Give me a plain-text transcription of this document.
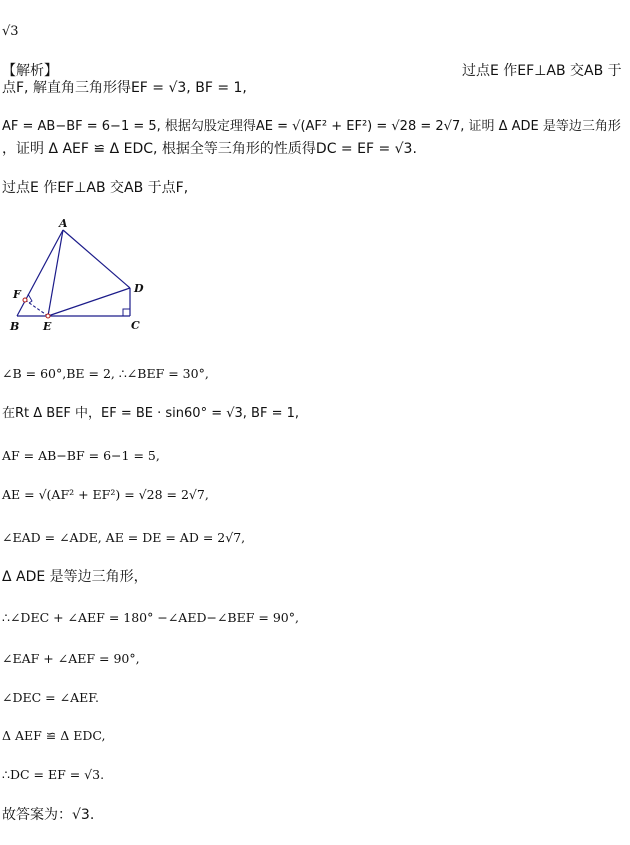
√3
【解析】	过点E 作EF⊥AB 交AB 于
点F, 解直角三角形得EF = √3, BF = 1,
AF = AB−BF = 6−1 = 5, 根据勾股定理得AE = √(AF² + EF²) = √28 = 2√7, 证明 Δ ADE 是等边三角形
，证明 Δ AEF ≌ Δ EDC, 根据全等三角形的性质得DC = EF = √3.
过点E 作EF⊥AB 交AB 于点F,
A
B	C
D
E
F
∠B = 60°,BE = 2, ∴∠BEF = 30°,
在Rt Δ BEF 中，EF = BE · sin60° = √3, BF = 1,
AF = AB−BF = 6−1 = 5,
AE = √(AF² + EF²) = √28 = 2√7,
∠EAD = ∠ADE, AE = DE = AD = 2√7,
Δ ADE 是等边三角形，
∴∠DEC + ∠AEF = 180° −∠AED−∠BEF = 90°,
∠EAF + ∠AEF = 90°,
∠DEC = ∠AEF.
Δ AEF ≌ Δ EDC,
∴DC = EF = √3.
故答案为：√3.
